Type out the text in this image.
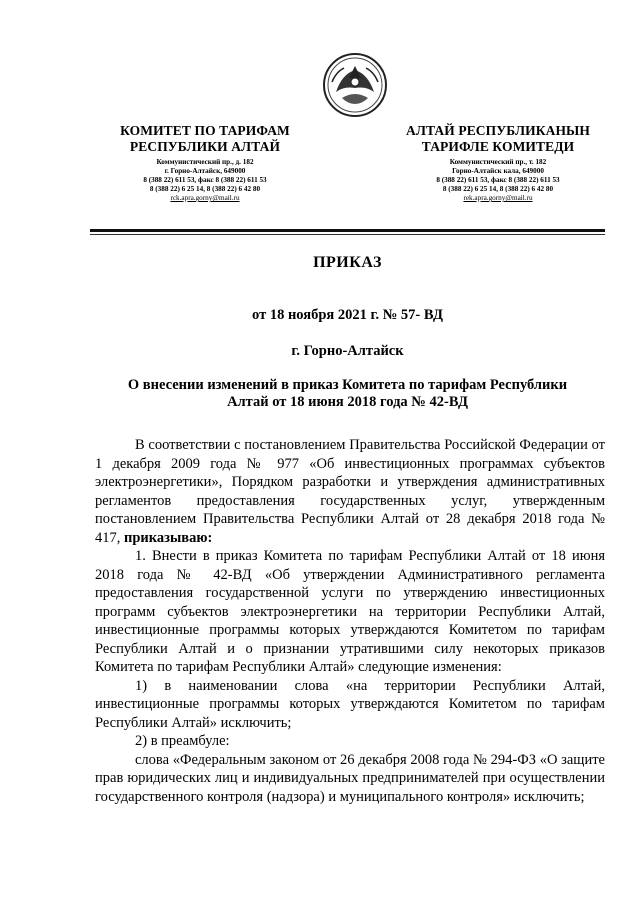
КОМИТЕТ ПО ТАРИФАМ
РЕСПУБЛИКИ АЛТАЙ
Коммунистический пр., д. 182
г. Горно-Алтайск, 649000
8 (388 22) 611 53, факс 8 (388 22) 611 53
8 (388 22) 6 25 14, 8 (388 22) 6 42 80
rck.apra.gorny@mail.ru
АЛТАЙ РЕСПУБЛИКАНЫН
ТАРИФЛЕ КОМИТЕДИ
Коммунистический пр., т. 182
Горно-Алтайск кала, 649000
8 (388 22) 611 53, факс 8 (388 22) 611 53
8 (388 22) 6 25 14, 8 (388 22) 6 42 80
rek.apra.gorny@mail.ru
ПРИКАЗ
от 18 ноября 2021 г. № 57- ВД
г. Горно-Алтайск
О внесении изменений в приказ Комитета по тарифам Республики
Алтай от 18 июня 2018 года № 42-ВД

В соответствии с постановлением Правительства Российской Федерации от 1 декабря 2009 года № 977 «Об инвестиционных программах субъектов электроэнергетики», Порядком разработки и утверждения административных регламентов предоставления государственных услуг, утвержденным постановлением Правительства Республики Алтай от 28 декабря 2018 года № 417, приказываю:

1. Внести в приказ Комитета по тарифам Республики Алтай от 18 июня 2018 года № 42-ВД «Об утверждении Административного регламента предоставления государственной услуги по утверждению инвестиционных программ субъектов электроэнергетики на территории Республики Алтай, инвестиционные программы которых утверждаются Комитетом по тарифам Республики Алтай и о признании утратившими силу некоторых приказов Комитета по тарифам Республики Алтай» следующие изменения:

1) в наименовании слова «на территории Республики Алтай, инвестиционные программы которых утверждаются Комитетом по тарифам Республики Алтай» исключить;

2) в преамбуле:

слова «Федеральным законом от 26 декабря 2008 года № 294-ФЗ «О защите прав юридических лиц и индивидуальных предпринимателей при осуществлении государственного контроля (надзора) и муниципального контроля» исключить;
